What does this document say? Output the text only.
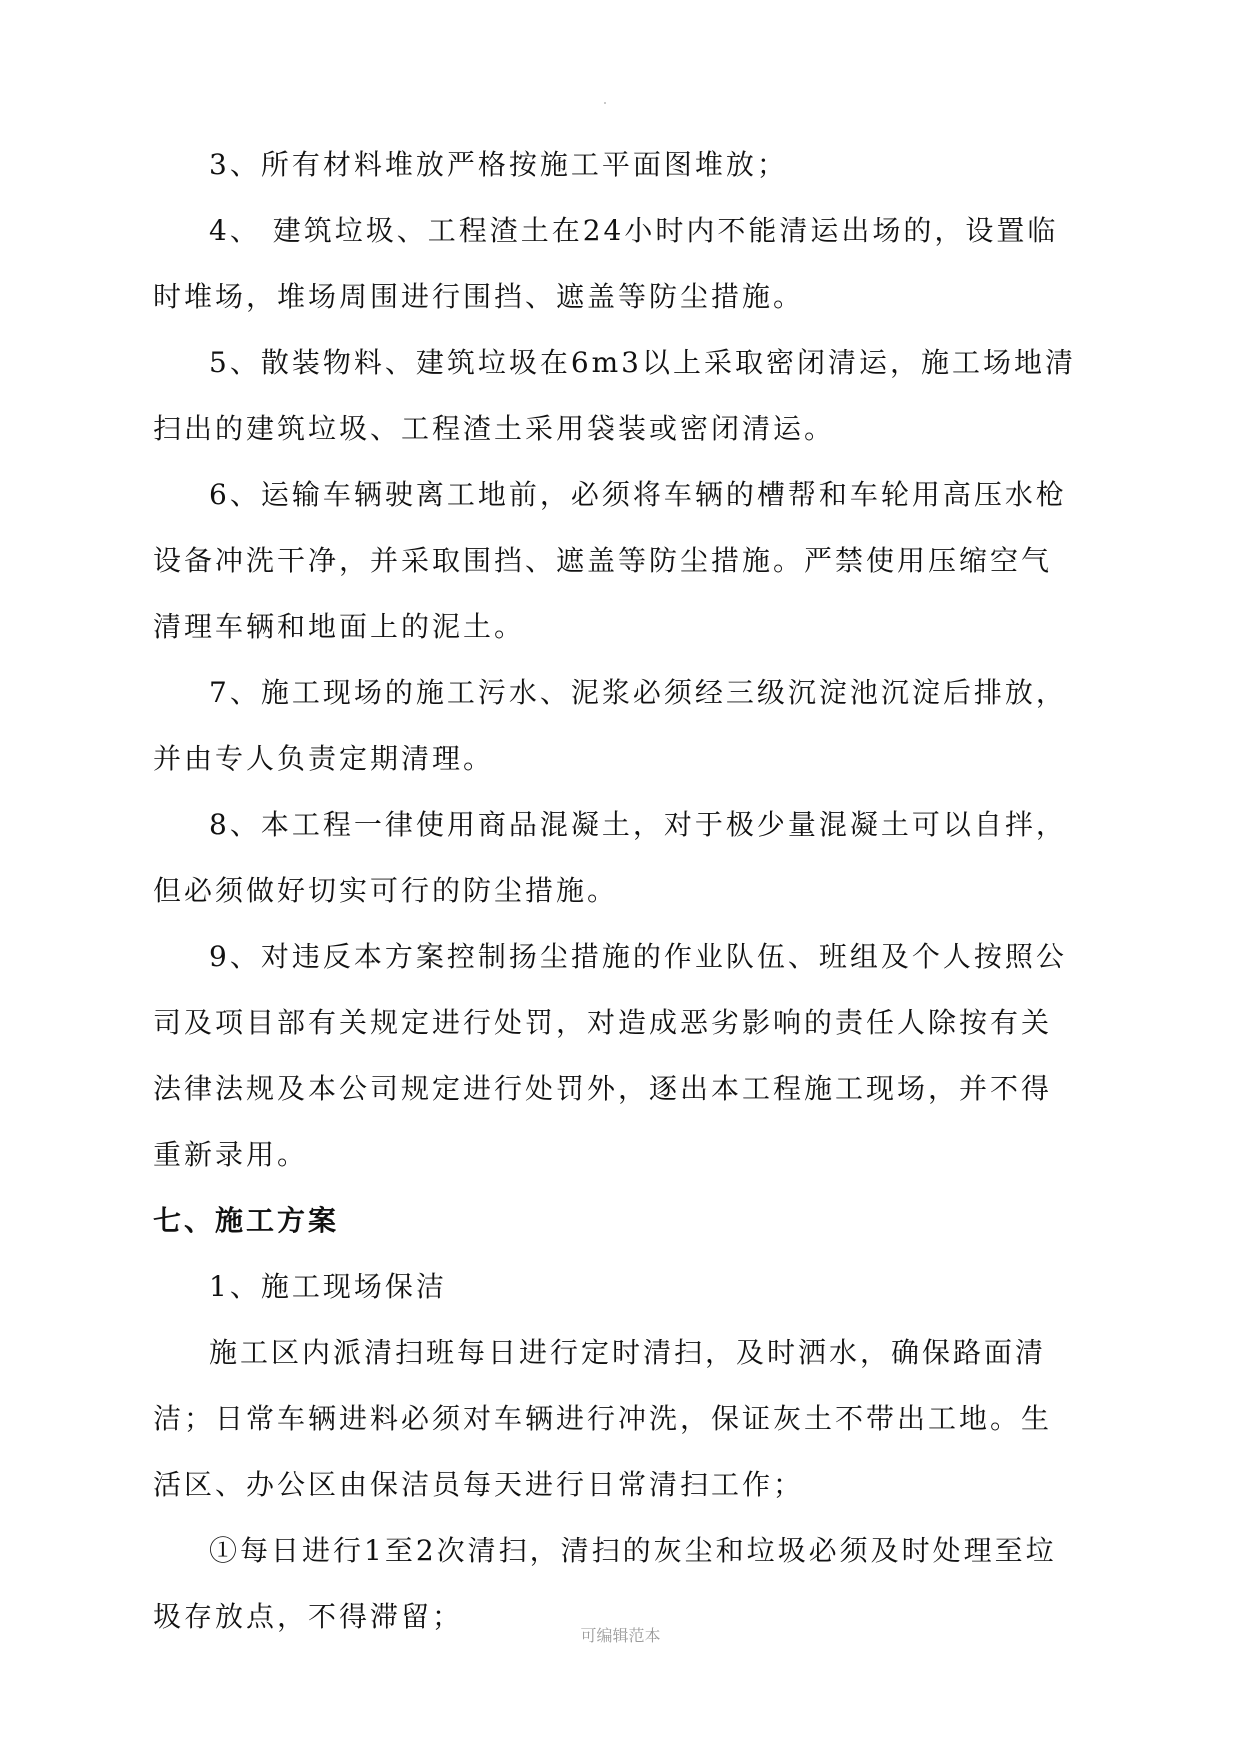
3、所有材料堆放严格按施工平面图堆放；

4、 建筑垃圾、工程渣土在24小时内不能清运出场的，设置临时堆场，堆场周围进行围挡、遮盖等防尘措施。

5、散装物料、建筑垃圾在6m3以上采取密闭清运，施工场地清扫出的建筑垃圾、工程渣土采用袋装或密闭清运。

6、运输车辆驶离工地前，必须将车辆的槽帮和车轮用高压水枪设备冲洗干净，并采取围挡、遮盖等防尘措施。严禁使用压缩空气清理车辆和地面上的泥土。

7、施工现场的施工污水、泥浆必须经三级沉淀池沉淀后排放，并由专人负责定期清理。

8、本工程一律使用商品混凝土，对于极少量混凝土可以自拌，但必须做好切实可行的防尘措施。

9、对违反本方案控制扬尘措施的作业队伍、班组及个人按照公司及项目部有关规定进行处罚，对造成恶劣影响的责任人除按有关法律法规及本公司规定进行处罚外，逐出本工程施工现场，并不得重新录用。

七、施工方案

1、施工现场保洁

施工区内派清扫班每日进行定时清扫，及时洒水，确保路面清洁；日常车辆进料必须对车辆进行冲洗，保证灰土不带出工地。生活区、办公区由保洁员每天进行日常清扫工作；

①每日进行1至2次清扫，清扫的灰尘和垃圾必须及时处理至垃圾存放点，不得滞留；

可编辑范本
